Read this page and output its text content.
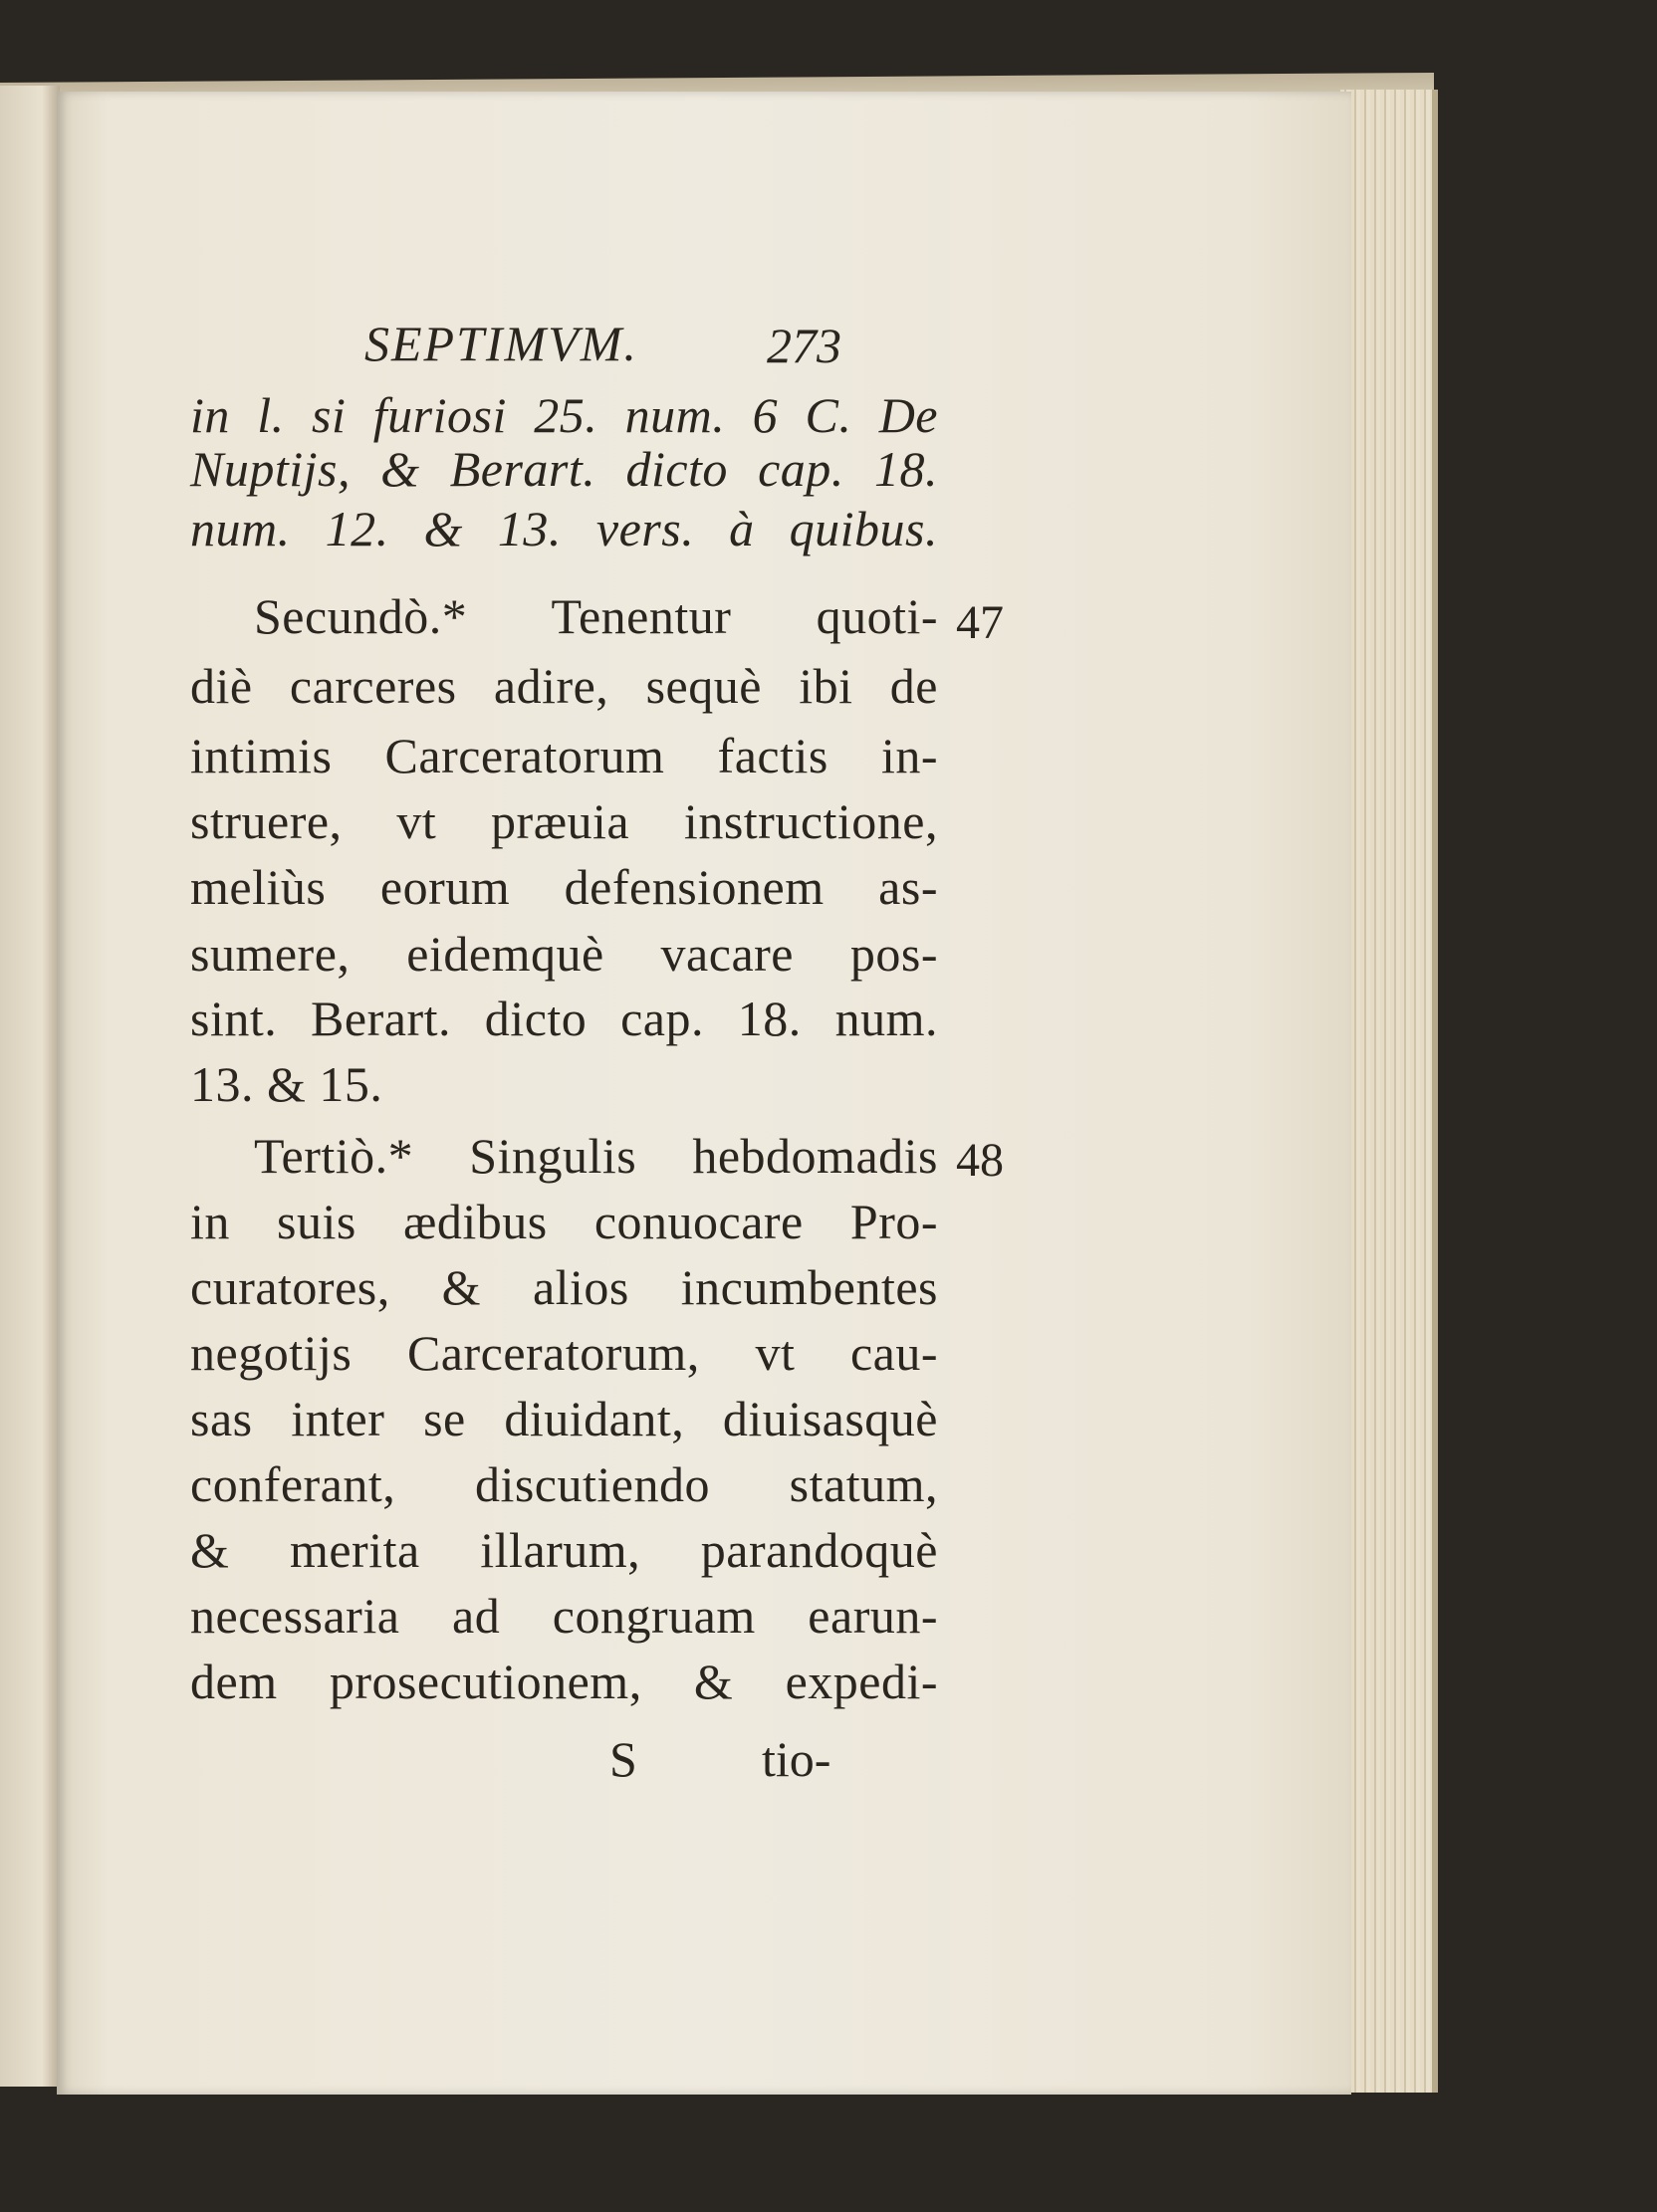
SEPTIMVM.	273
in l. si furiosi 25. num. 6 C. De
Nuptijs, & Berart. dicto cap. 18.
num. 12. & 13. vers. à quibus.
Secundò.* Tenentur quoti-
diè carceres adire, sequè ibi de
intimis Carceratorum factis in-
struere, vt præuia instructione,
meliùs eorum defensionem as-
sumere, eidemquè vacare pos-
sint. Berart. dicto cap. 18. num.
13. & 15.
Tertiò.* Singulis hebdomadis
in suis ædibus conuocare Pro-
curatores, & alios incumbentes
negotijs Carceratorum, vt cau-
sas inter se diuidant, diuisasquè
conferant, discutiendo statum,
& merita illarum, parandoquè
necessaria ad congruam earun-
dem prosecutionem, & expedi-
47
48
S	tio-
